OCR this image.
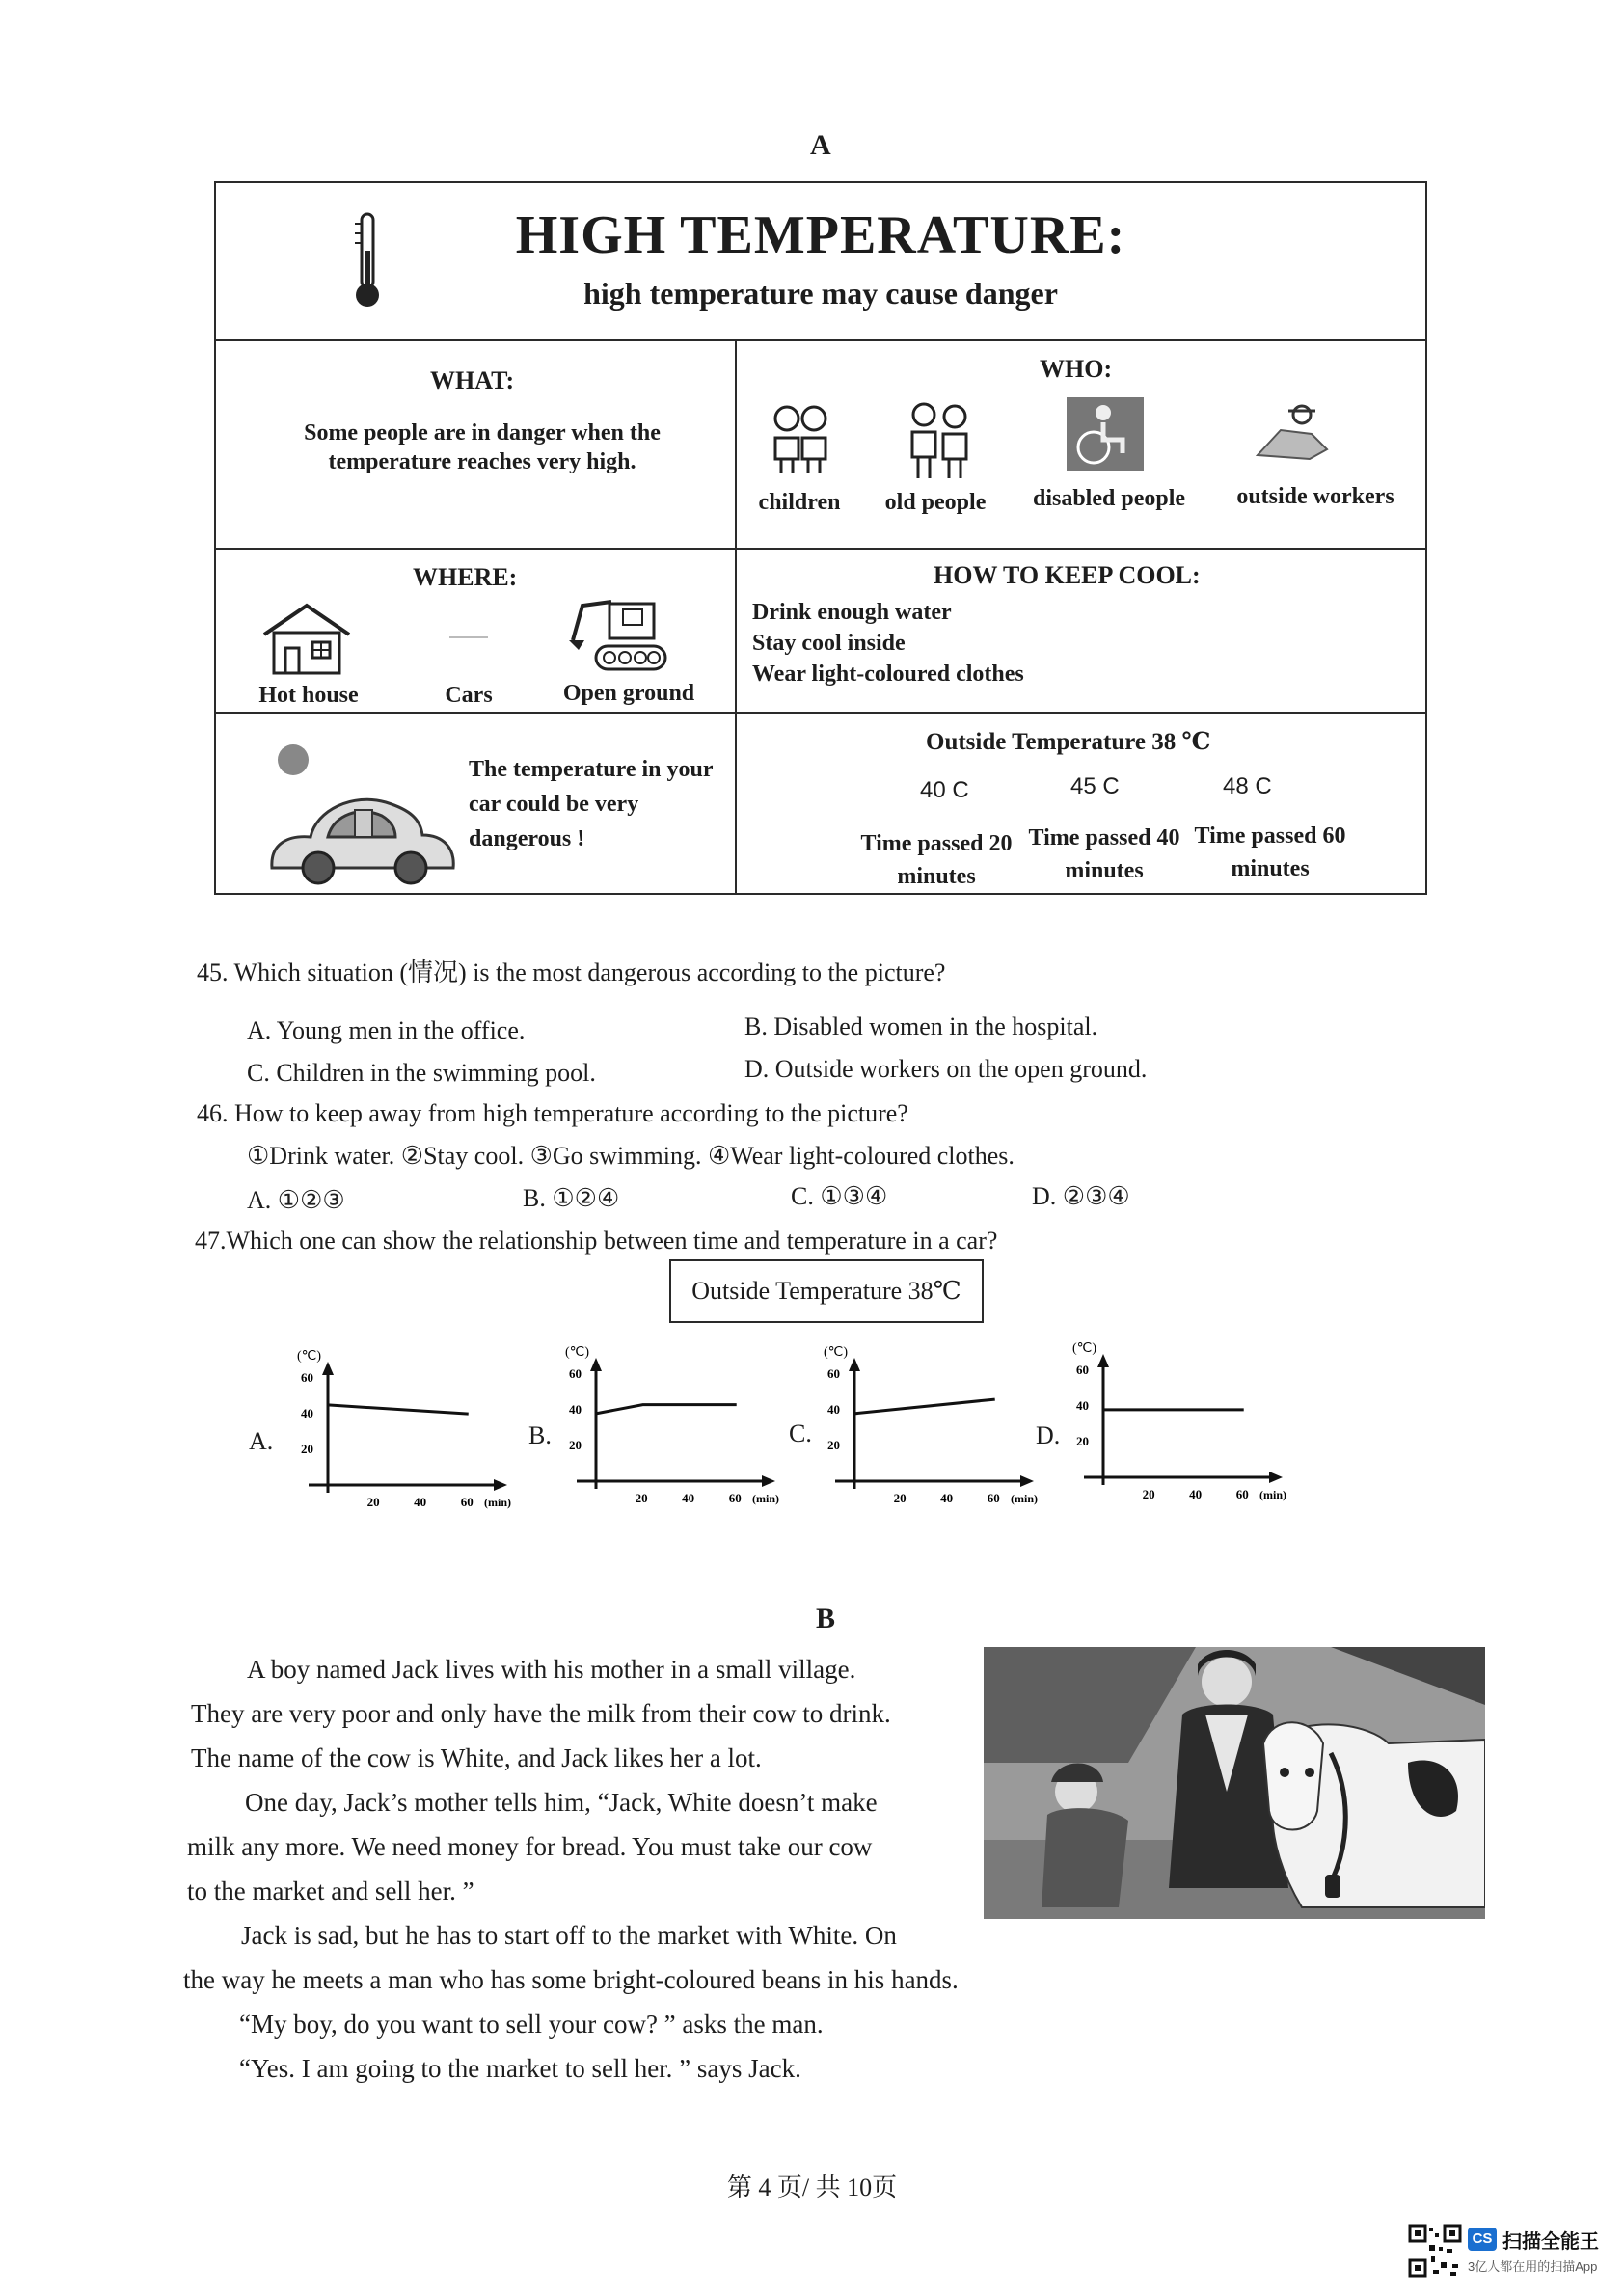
A
HIGH TEMPERATURE:
high temperature may cause danger
WHAT:
Some people are in danger when the temperature reaches very high.
WHO:
children	old people	disabled people	outside workers
WHERE:
Hot house	Cars	Open ground
HOW TO KEEP COOL:
Drink enough water
Stay cool inside
Wear light-coloured clothes
The temperature in your car could be very dangerous !
Outside Temperature 38 ℃
40 C	45 C	48 C
Time passed 20 minutes
Time passed 40 minutes
Time passed 60 minutes
45. Which situation (情况) is the most dangerous according to the picture?
A. Young men in the office.	B. Disabled women in the hospital.
C. Children in the swimming pool.	D. Outside workers on the open ground.
46. How to keep away from high temperature according to the picture?
①Drink water. ②Stay cool. ③Go swimming. ④Wear light-coloured clothes.
A. ①②③	B. ①②④	C. ①③④	D. ②③④
47.Which one can show the relationship between time and temperature in a car?
Outside Temperature 38℃
A.	B.	C.	D.
(℃)
(min)
20
40
60
20	40	60
(℃)
(min)
20
40
60
20	40	60
(℃)
(min)
20
40
60
20	40	60
(℃)
(min)
20
40
60
20	40	60
B
A boy named Jack lives with his mother in a small village.
They are very poor and only have the milk from their cow to drink.
The name of the cow is White, and Jack likes her a lot.
One day, Jack’s mother tells him, “Jack, White doesn’t make
milk any more. We need money for bread. You must take our cow
to the market and sell her. ”
Jack is sad, but he has to start off to the market with White. On
the way he meets a man who has some bright-coloured beans in his hands.
“My boy, do you want to sell your cow? ” asks the man.
“Yes. I am going to the market to sell her. ” says Jack.
第 4 页/ 共 10页
CS 扫描全能王
3亿人都在用的扫描App
